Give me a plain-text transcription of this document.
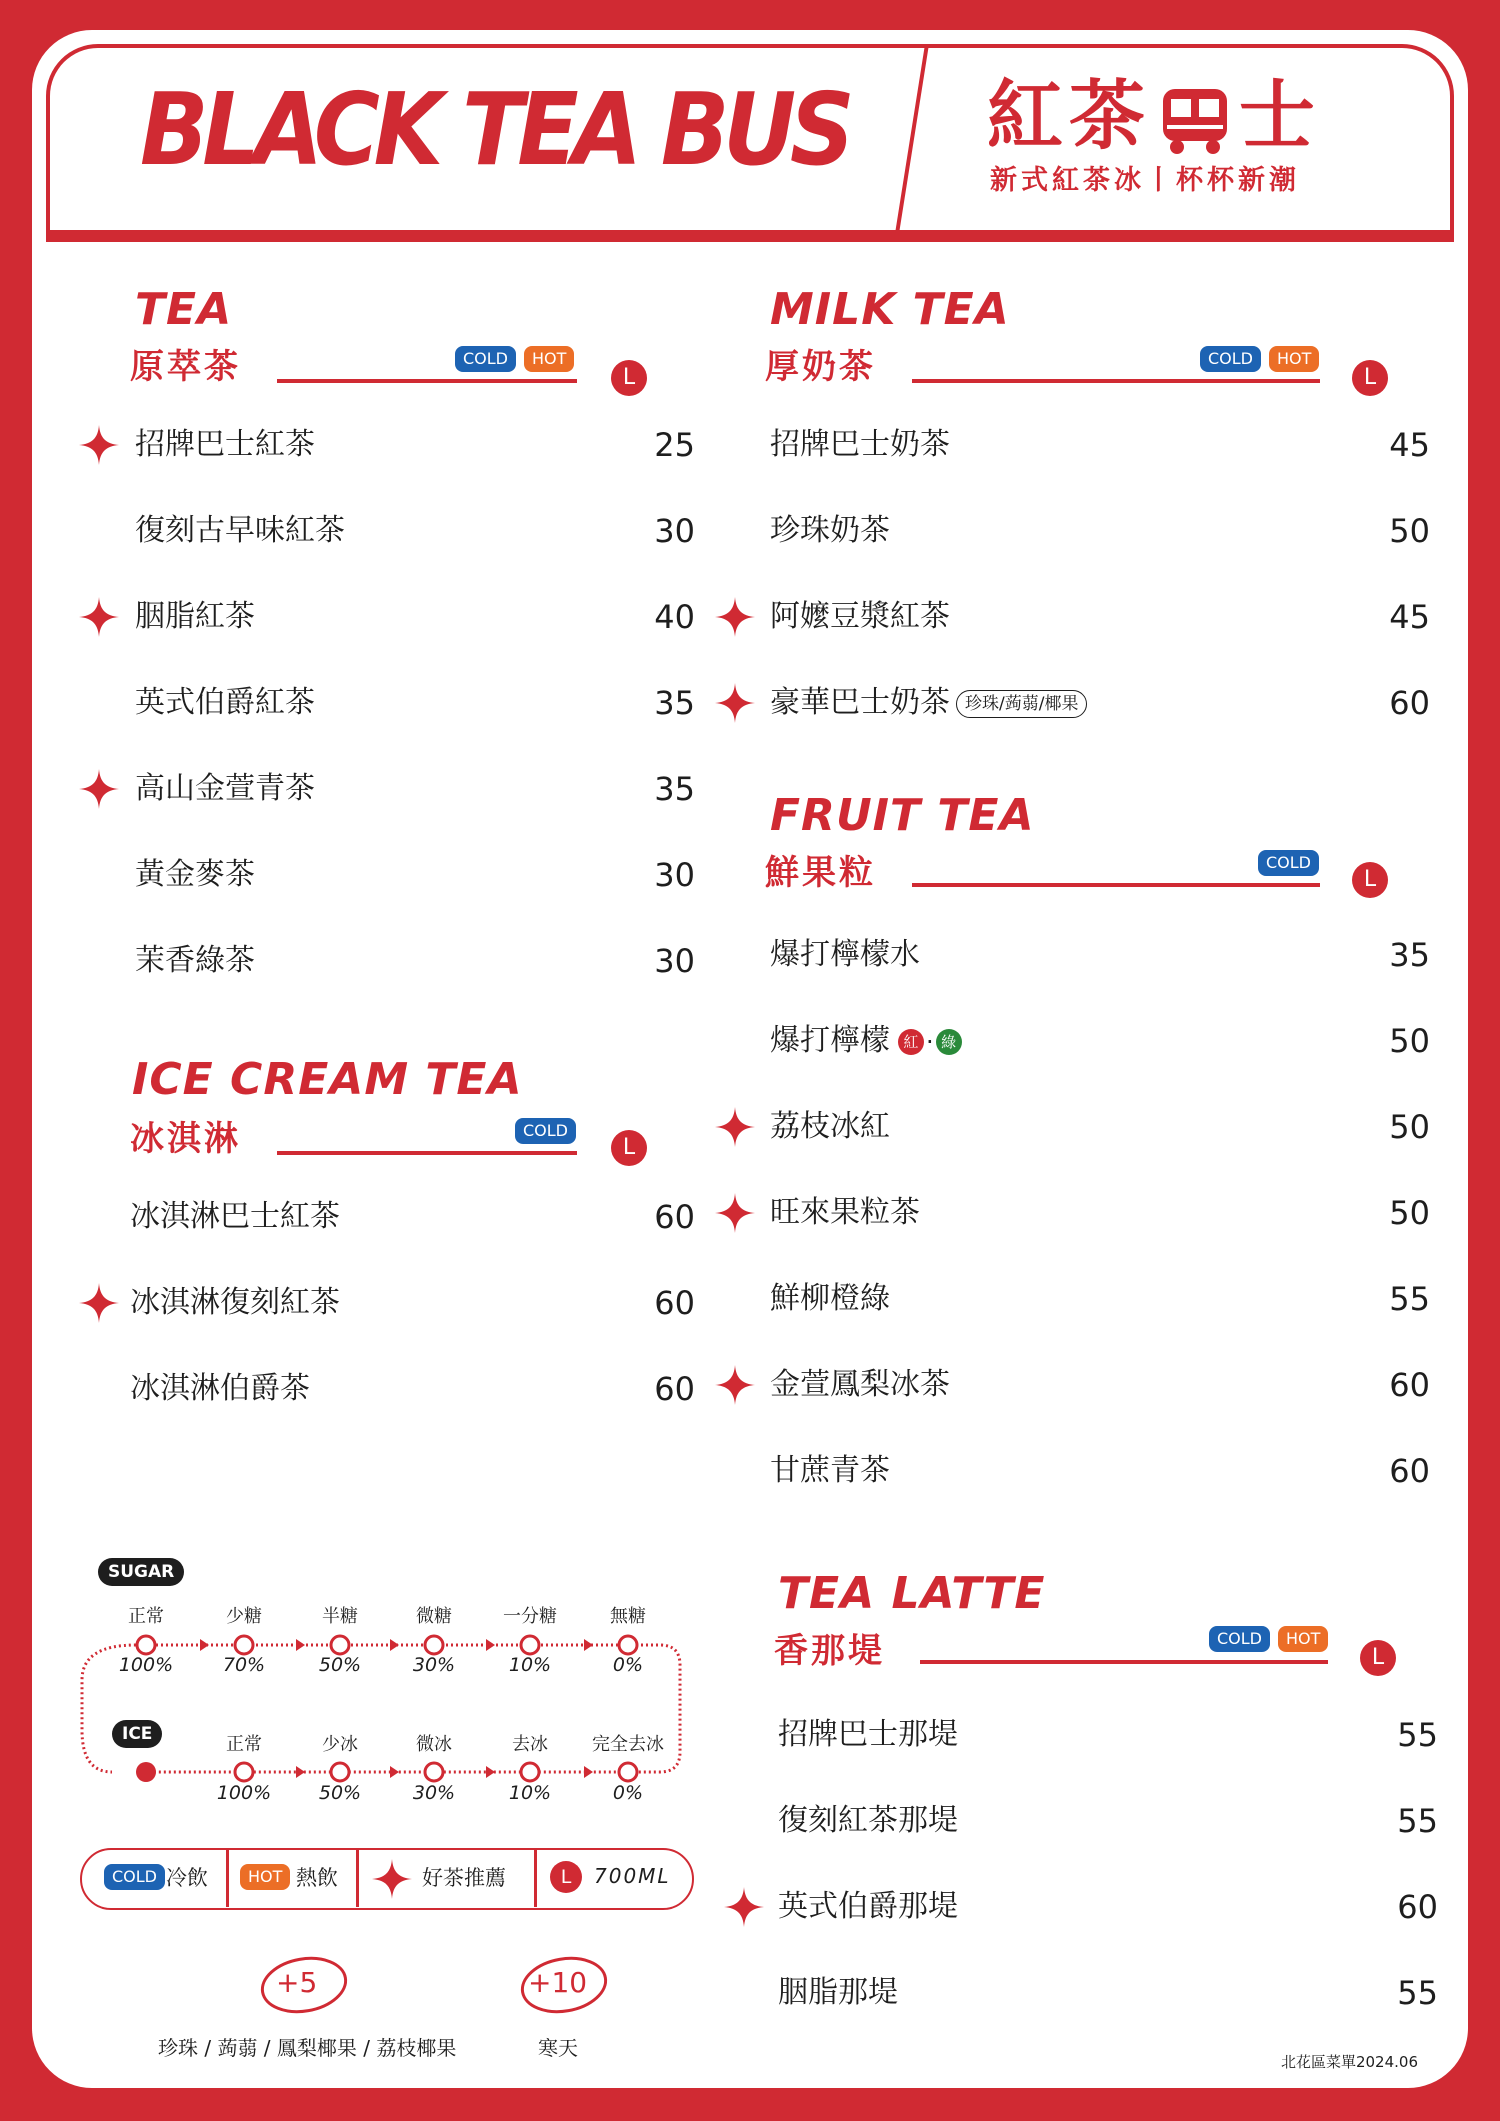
BLACK TEA BUS 紅茶 士
新式紅茶冰丨杯杯新潮
TEA
原萃茶	COLD	HOT
L
招牌巴士紅茶	25
復刻古早味紅茶	30
胭脂紅茶	40
英式伯爵紅茶	35
高山金萱青茶	35
黃金麥茶	30
茉香綠茶	30
ICE CREAM TEA
冰淇淋	COLD
L
冰淇淋巴士紅茶	60
冰淇淋復刻紅茶	60
冰淇淋伯爵茶	60
MILK TEA
厚奶茶	COLD	HOT
L
招牌巴士奶茶	45
珍珠奶茶	50
阿嬤豆漿紅茶	45
豪華巴士奶茶 珍珠/蒟蒻/椰果	60
FRUIT TEA
鮮果粒	COLD
L
爆打檸檬水	35
爆打檸檬 紅 · 綠	50
荔枝冰紅	50
旺來果粒茶	50
鮮柳橙綠	55
金萱鳳梨冰茶	60
甘蔗青茶	60
TEA LATTE
香那堤	COLD	HOT
L
招牌巴士那堤	55
復刻紅茶那堤	55
英式伯爵那堤	60
胭脂那堤	55
SUGAR
ICE
正常
100%
少糖
70%
半糖
50%
微糖
30%
一分糖
10%
無糖
0%
正常
100%
少冰
50%
微冰
30%
去冰
10%
完全去冰
0%
COLD 冷飲	HOT 熱飲	好茶推薦	L	700ML
+5
珍珠 / 蒟蒻 / 鳳梨椰果 / 荔枝椰果
+10
寒天
北花區菜單2024.06
